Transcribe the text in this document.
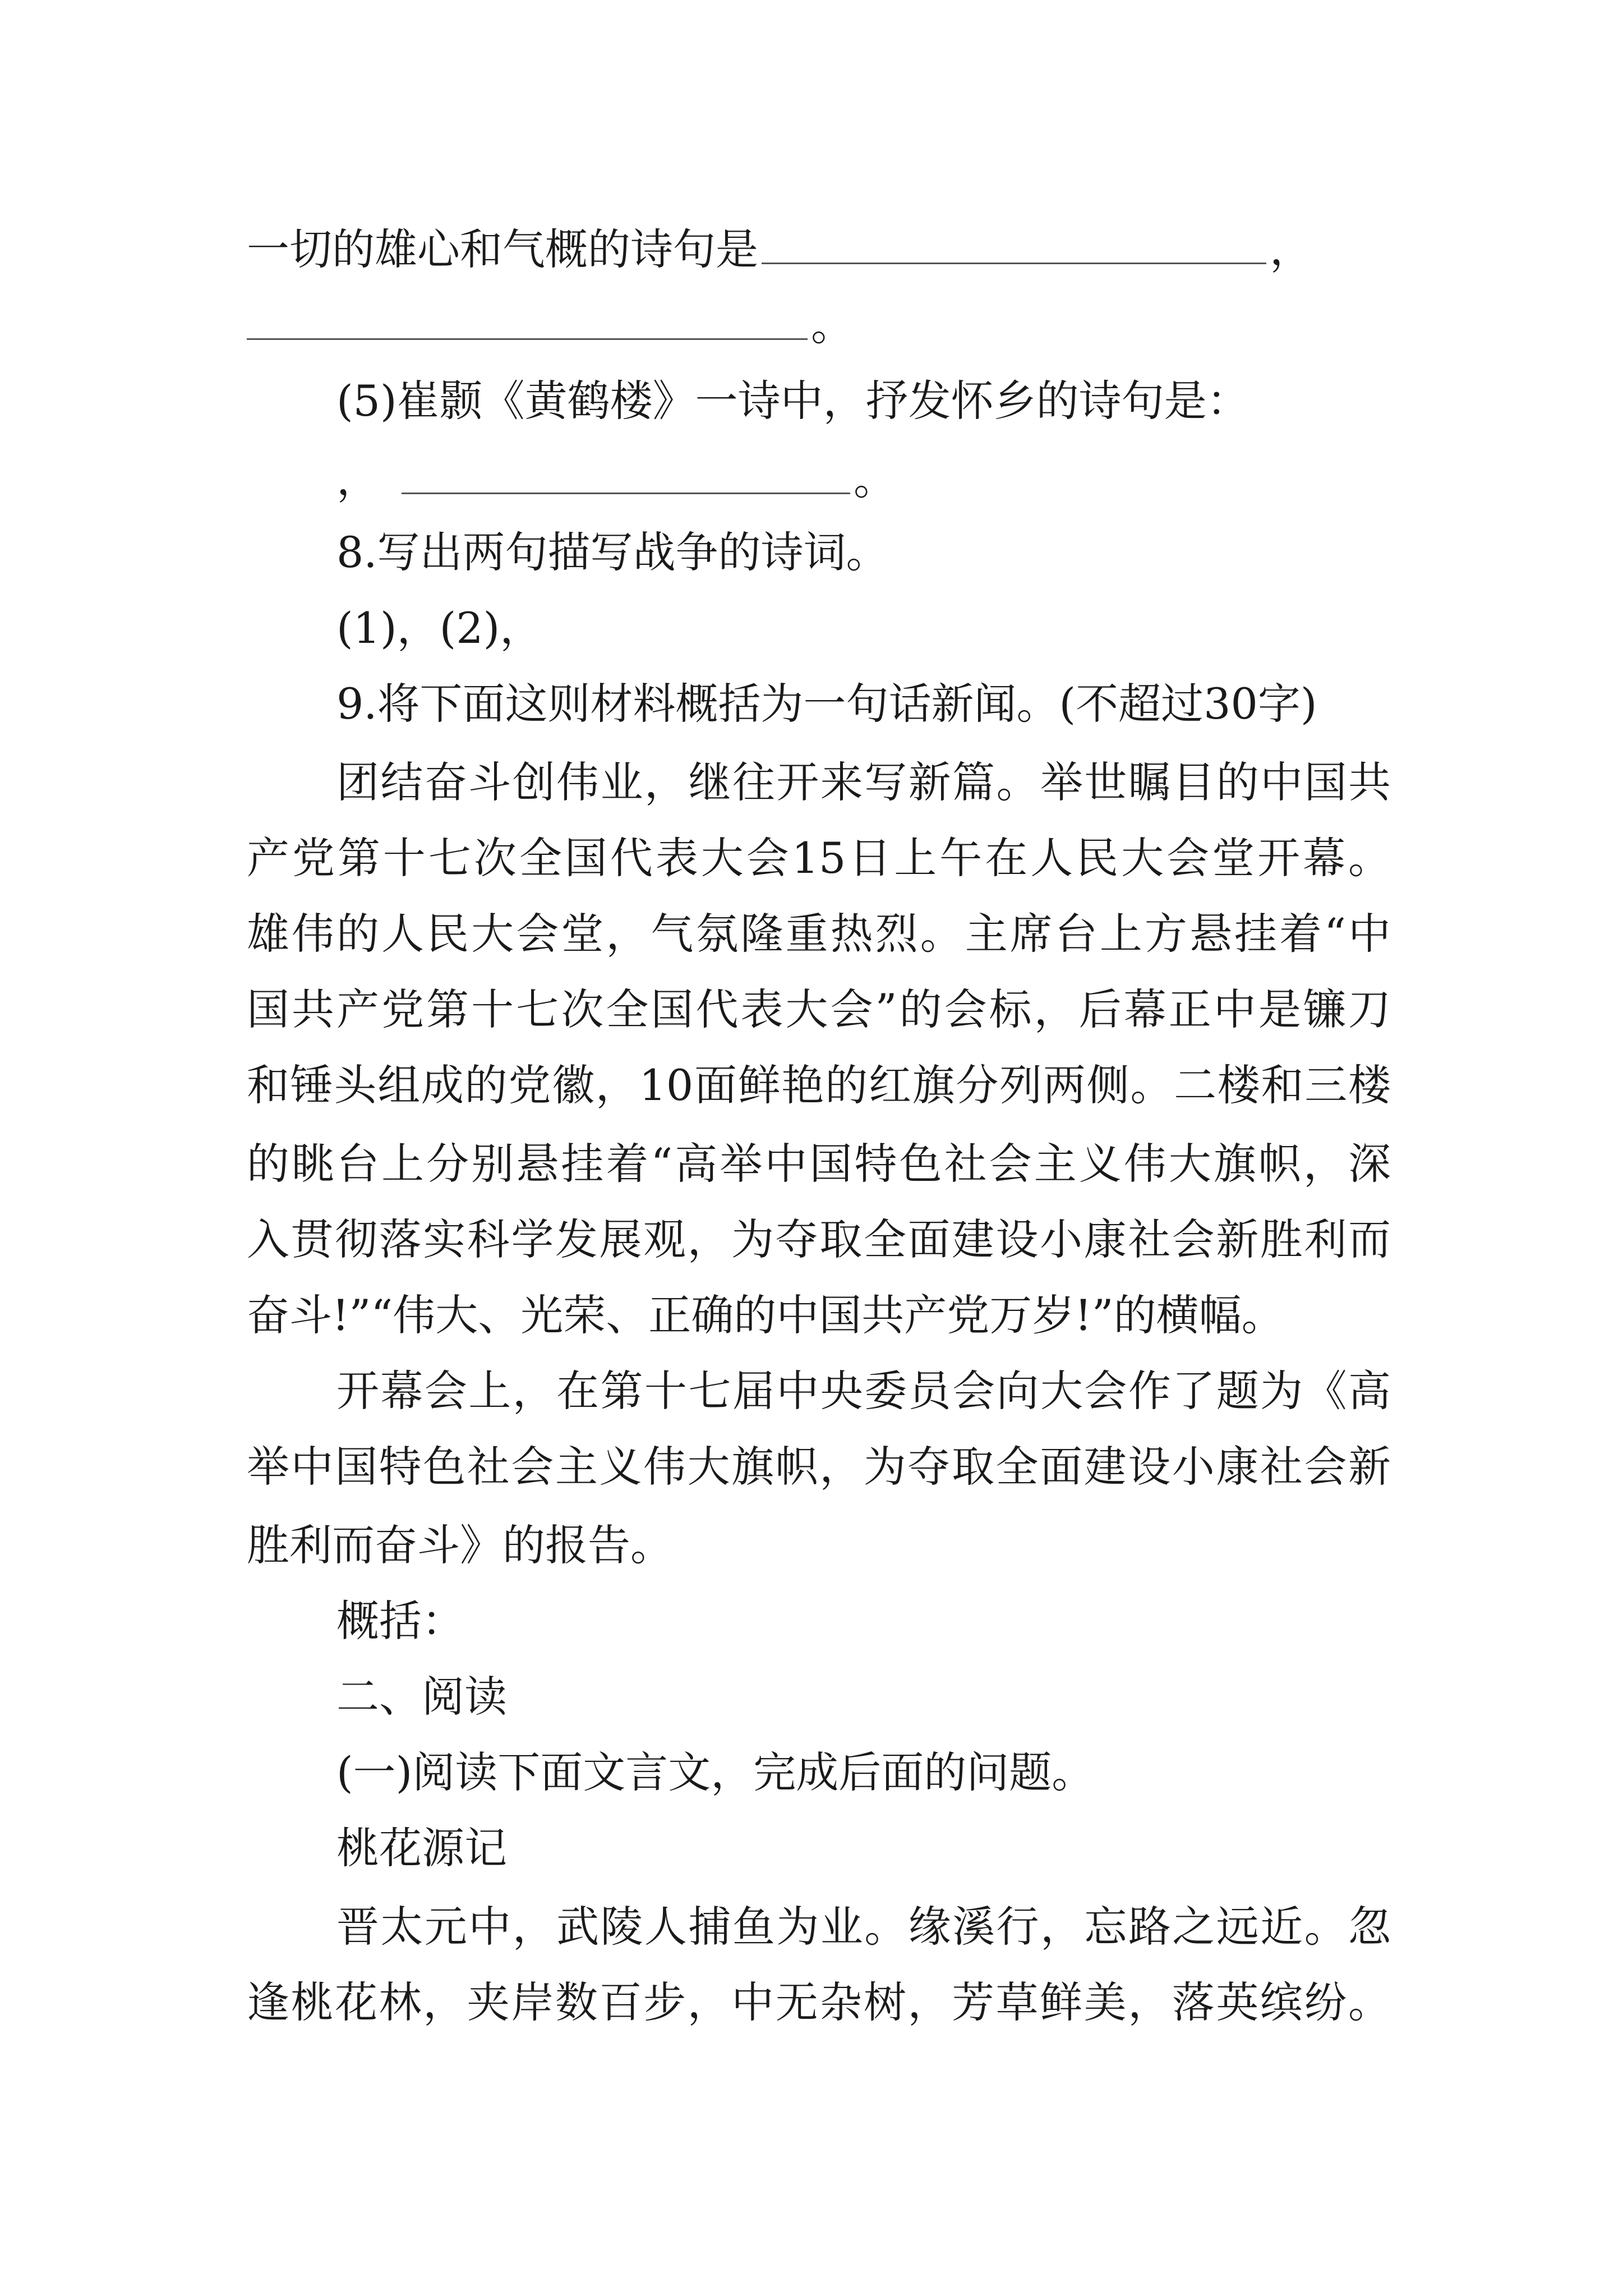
一切的雄心和气概的诗句是	，
。
(5)崔颢《黄鹤楼》一诗中，抒发怀乡的诗句是：
，	。
8.写出两句描写战争的诗词。
(1)，(2)，
9.将下面这则材料概括为一句话新闻。(不超过30字)
团结奋斗创伟业，继往开来写新篇。举世瞩目的中国共
产党第十七次全国代表大会15日上午在人民大会堂开幕。
雄伟的人民大会堂，气氛隆重热烈。主席台上方悬挂着“中
国共产党第十七次全国代表大会”的会标，后幕正中是镰刀
和锤头组成的党徽，10面鲜艳的红旗分列两侧。二楼和三楼
的眺台上分别悬挂着“高举中国特色社会主义伟大旗帜，深
入贯彻落实科学发展观，为夺取全面建设小康社会新胜利而
奋斗!”“伟大、光荣、正确的中国共产党万岁!”的横幅。
开幕会上，在第十七届中央委员会向大会作了题为《高
举中国特色社会主义伟大旗帜，为夺取全面建设小康社会新
胜利而奋斗》的报告。
概括：
二、阅读
(一)阅读下面文言文，完成后面的问题。
桃花源记
晋太元中，武陵人捕鱼为业。缘溪行，忘路之远近。忽
逢桃花林，夹岸数百步，中无杂树，芳草鲜美，落英缤纷。
